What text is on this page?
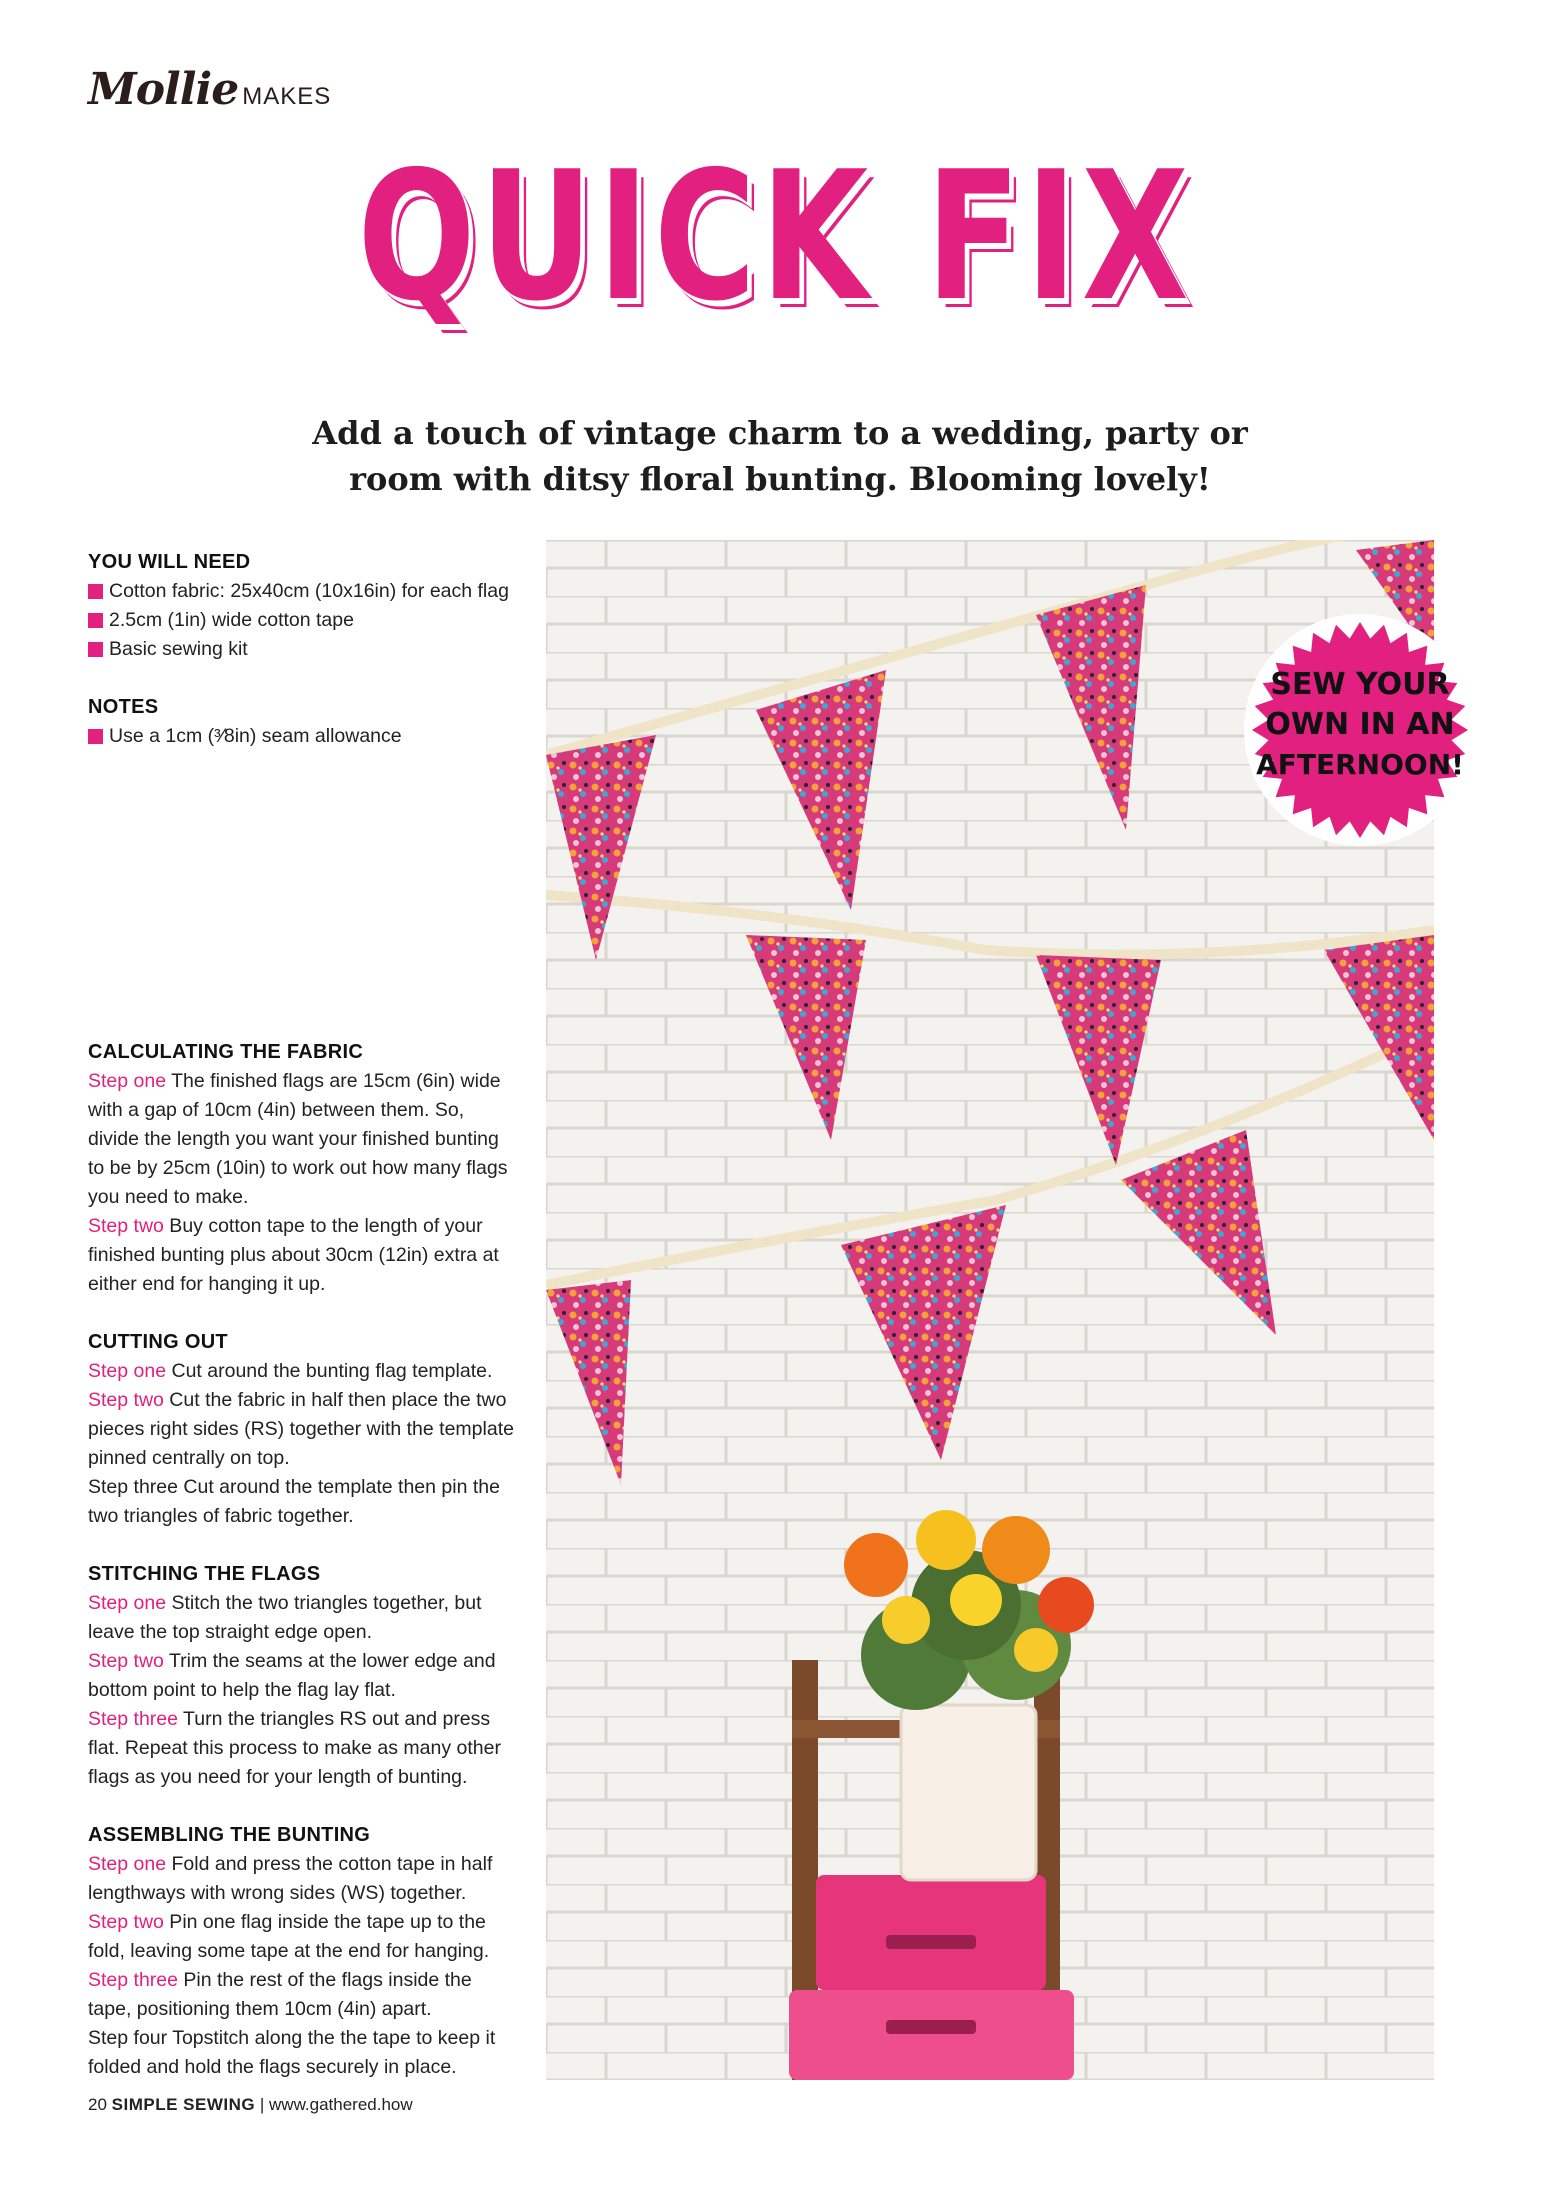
Mollie MAKES
QUICK FIX
Add a touch of vintage charm to a wedding, party or room with ditsy floral bunting. Blooming lovely!

YOU WILL NEED

Cotton fabric: 25x40cm (10x16in) for each flag
2.5cm (1in) wide cotton tape
Basic sewing kit

NOTES

Use a 1cm (³⁄8in) seam allowance

CALCULATING THE FABRIC

Step one The finished flags are 15cm (6in) wide with a gap of 10cm (4in) between them. So, divide the length you want your finished bunting to be by 25cm (10in) to work out how many flags you need to make.
Step two Buy cotton tape to the length of your finished bunting plus about 30cm (12in) extra at either end for hanging it up.

CUTTING OUT

Step one Cut around the bunting flag template.
Step two Cut the fabric in half then place the two pieces right sides (RS) together with the template pinned centrally on top.
Step three Cut around the template then pin the two triangles of fabric together.

STITCHING THE FLAGS

Step one Stitch the two triangles together, but leave the top straight edge open.
Step two Trim the seams at the lower edge and bottom point to help the flag lay flat.
Step three Turn the triangles RS out and press flat. Repeat this process to make as many other flags as you need for your length of bunting.

ASSEMBLING THE BUNTING

Step one Fold and press the cotton tape in half lengthways with wrong sides (WS) together.
Step two Pin one flag inside the tape up to the fold, leaving some tape at the end for hanging.
Step three Pin the rest of the flags inside the tape, positioning them 10cm (4in) apart.
Step four Topstitch along the the tape to keep it folded and hold the flags securely in place.
SEW YOUR
OWN IN AN
AFTERNOON!
20 SIMPLE SEWING | www.gathered.how
